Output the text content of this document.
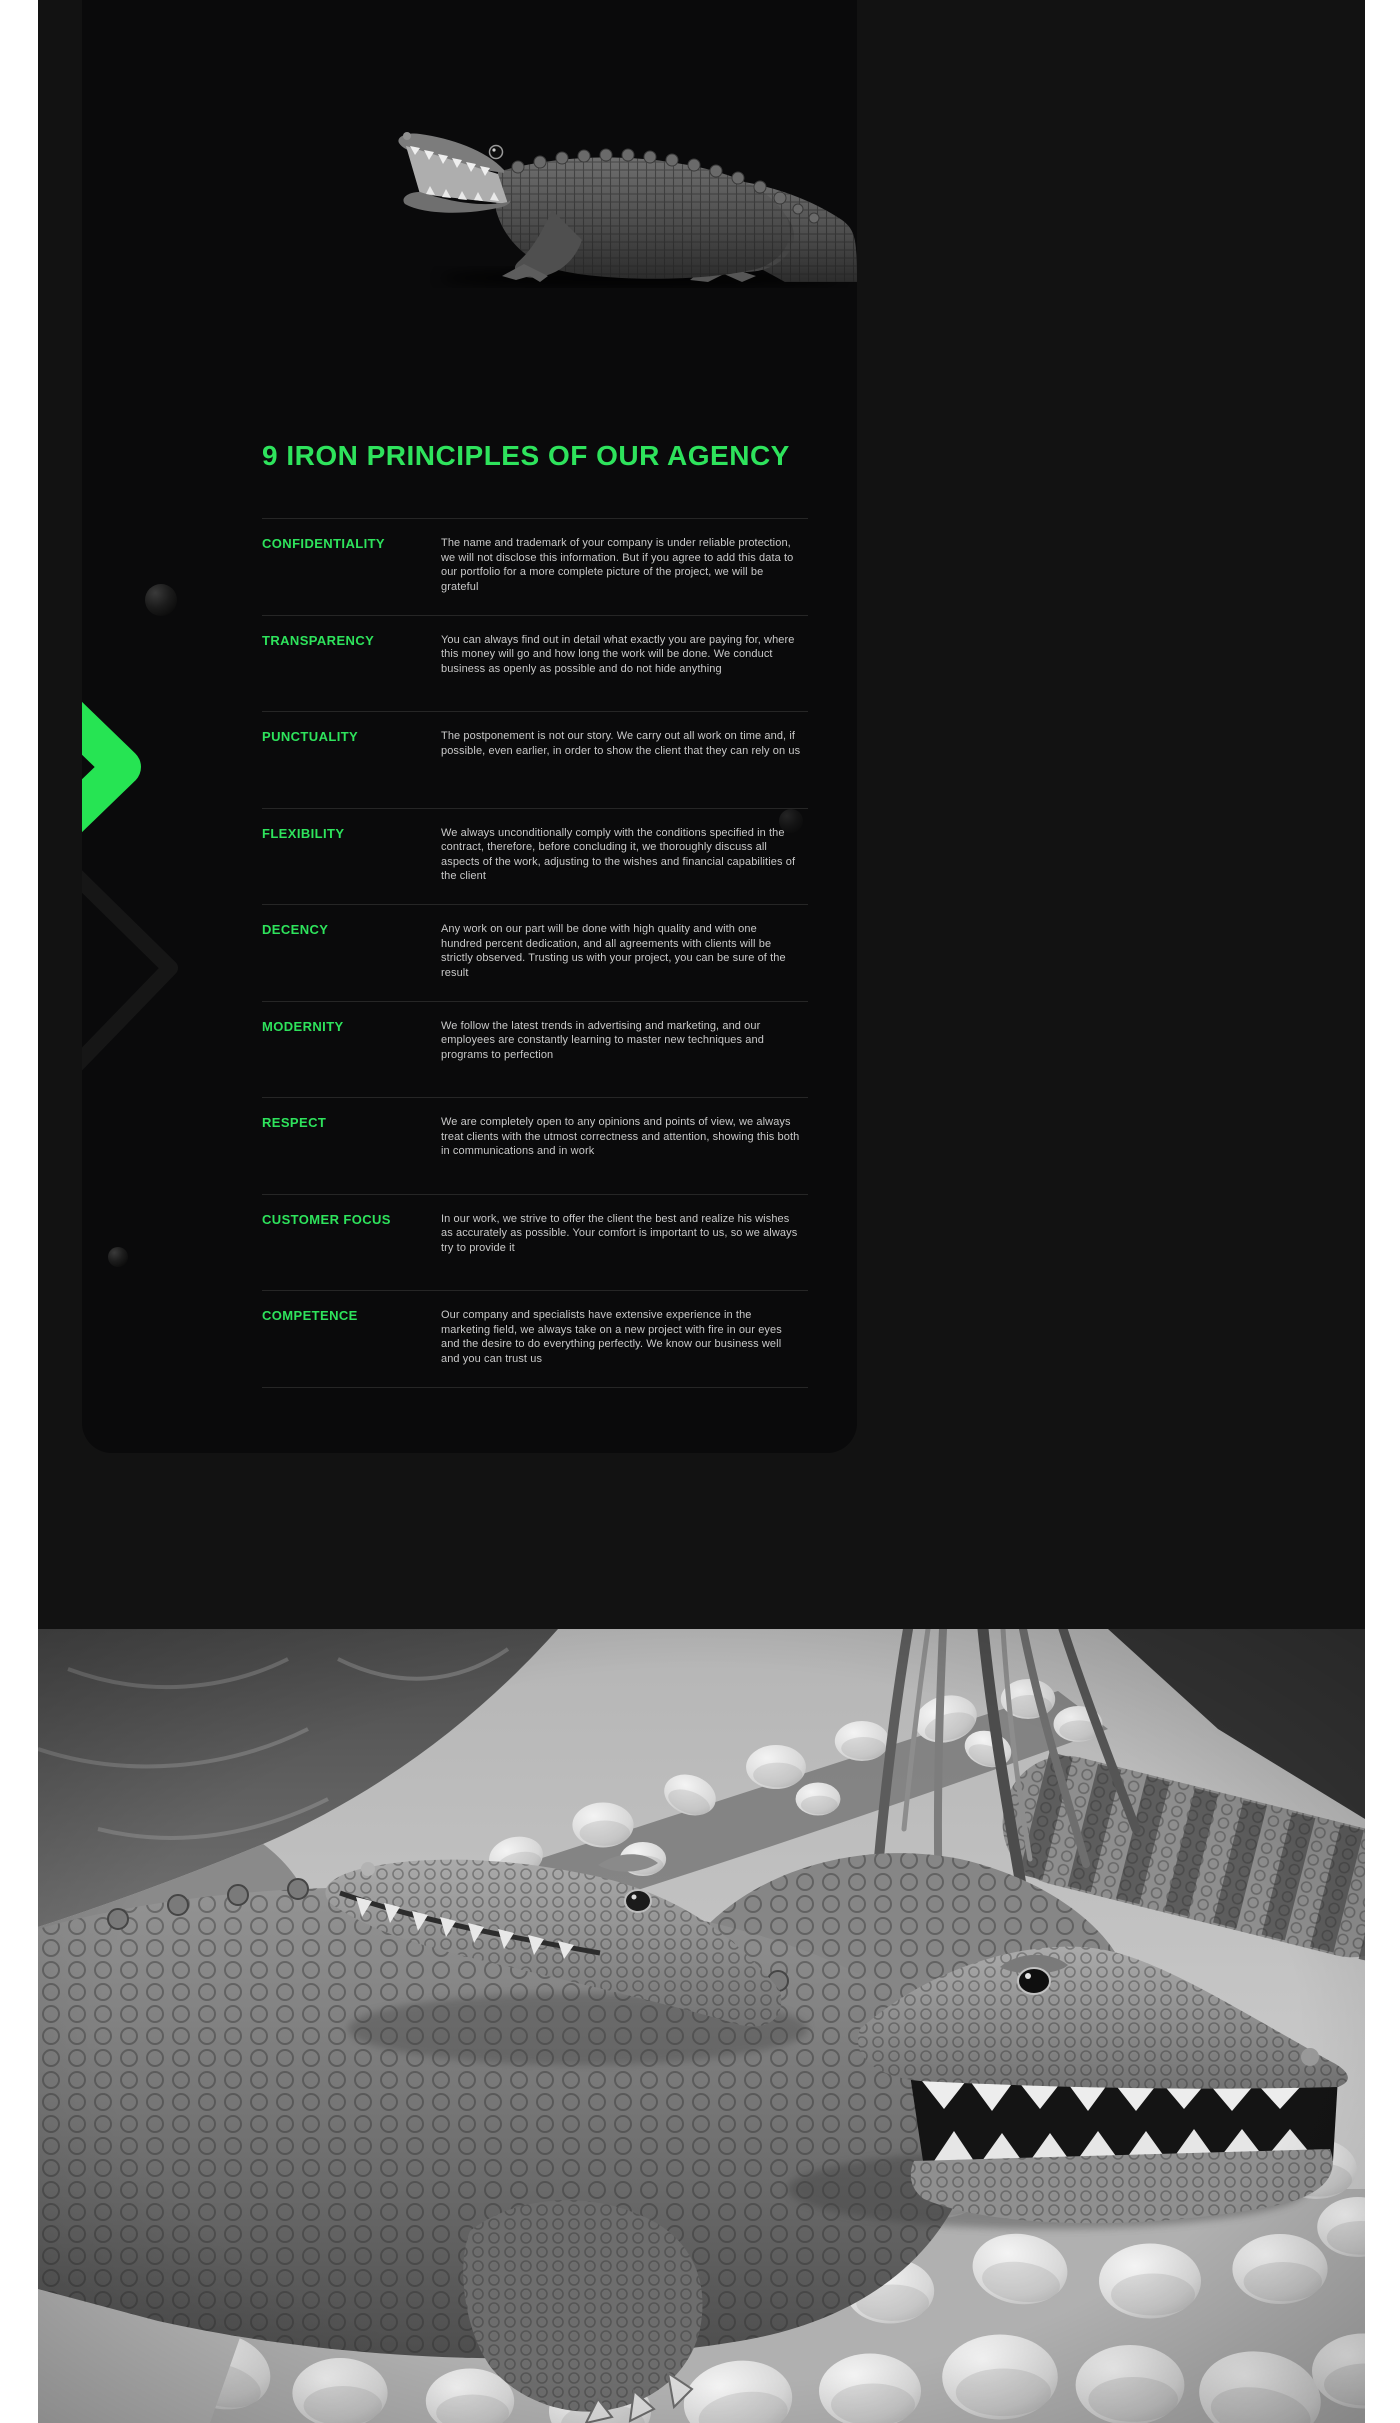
9 IRON PRINCIPLES OF OUR AGENCY
CONFIDENTIALITY	The name and trademark of your company is under reliable protection, we will not disclose this information. But if you agree to add this data to our portfolio for a more complete picture of the project, we will be grateful

TRANSPARENCY	You can always find out in detail what exactly you are paying for, where this money will go and how long the work will be done. We conduct business as openly as possible and do not hide anything

PUNCTUALITY	The postponement is not our story. We carry out all work on time and, if possible, even earlier, in order to show the client that they can rely on us

FLEXIBILITY	We always unconditionally comply with the conditions specified in the contract, therefore, before concluding it, we thoroughly discuss all aspects of the work, adjusting to the wishes and financial capabilities of the client

DECENCY	Any work on our part will be done with high quality and with one hundred percent dedication, and all agreements with clients will be strictly observed. Trusting us with your project, you can be sure of the result

MODERNITY	We follow the latest trends in advertising and marketing, and our employees are constantly learning to master new techniques and programs to perfection

RESPECT	We are completely open to any opinions and points of view, we always treat clients with the utmost correctness and attention, showing this both in communications and in work

CUSTOMER FOCUS	In our work, we strive to offer the client the best and realize his wishes as accurately as possible. Your comfort is important to us, so we always try to provide it

COMPETENCE	Our company and specialists have extensive experience in the marketing field, we always take on a new project with fire in our eyes and the desire to do everything perfectly. We know our business well and you can trust us
